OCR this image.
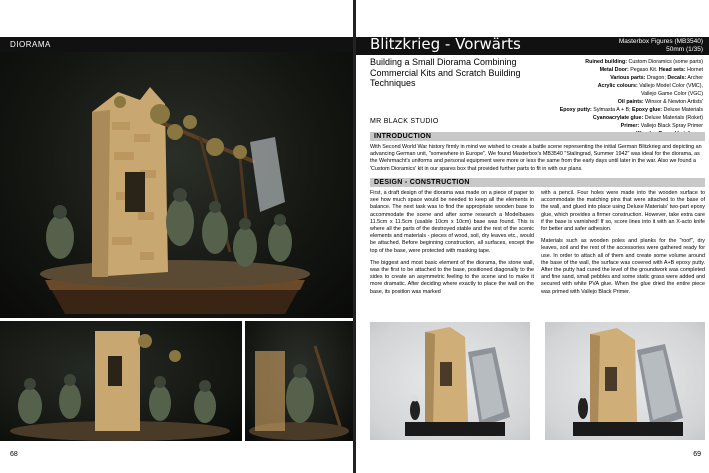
DIORAMA
68
Blitzkrieg - Vorwärts	Masterbox Figures (MB3540)
50mm (1/35)
Building a Small Diorama Combining Commercial Kits and Scratch Building Techniques
MR BLACK STUDIO
Ruined building: Custom Dioramics (some parts)
Metal Door: Pegaso Kit. Head sets: Hornet
Various parts: Dragon; Decals: Archer
Acrylic colours: Vallejo Model Color (VMC),
Vallejo Game Color (VGC)
Oil paints: Winsor & Newton Artists'
Epoxy putty: Sylmasta A + B; Epoxy glue: Deluxe Materials
Cyanoacrylate glue: Deluxe Materials (Roket)
Primer: Vallejo Black Spray Primer
INTRODUCTION
With Second World War history firmly in mind we wished to create a battle scene representing the initial German Blitzkrieg and depicting an advancing German unit, "somewhere in Europe". We found Masterbox's MB3540 "Stalingrad, Summer 1942" was ideal for the diorama, as the Wehrmacht's uniforms and personal equipment were more or less the same from the early days until later in the war. Also we found a 'Custom Dioramics' kit in our spares box that provided further parts to fit in with our plans.
DESIGN - CONSTRUCTION

First, a draft design of the diorama was made on a piece of paper to see how much space would be needed to keep all the elements in balance. The next task was to find the appropriate wooden base to accommodate the scene and after some research a Modelbases 11.5cm x 11.5cm (usable 10cm x 10cm) base was found. This is where all the parts of the destroyed stable and the rest of the scenic elements and materials - pieces of wood, soil, dry leaves etc., would be attached. Before beginning construction, all surfaces, except the top of the base, were protected with masking tape.

The biggest and most basic element of the diorama, the stone wall, was the first to be attached to the base, positioned diagonally to the sides to create an asymmetric feeling to the scene and to make it more dramatic. After deciding where exactly to place the wall on the base, its position was marked

with a pencil. Four holes were made into the wooden surface to accommodate the matching pins that were attached to the base of the wall, and glued into place using Deluxe Materials' two-part epoxy glue, which provides a firmer construction. However, take extra care if the base is varnished! If so, score lines into it with an X-acto knife for better and safer adhesion.

Materials such as wooden poles and planks for the "roof", dry leaves, soil and the rest of the accessories were gathered ready for use. In order to attach all of them and create some volume around the base of the wall, the surface was covered with A+B epoxy putty. After the putty had cured the level of the groundwork was completed and fine sand, small pebbles and some static grass were added and secured with white PVA glue. When the glue dried the entire piece was primed with Vallejo Black Primer.

69
